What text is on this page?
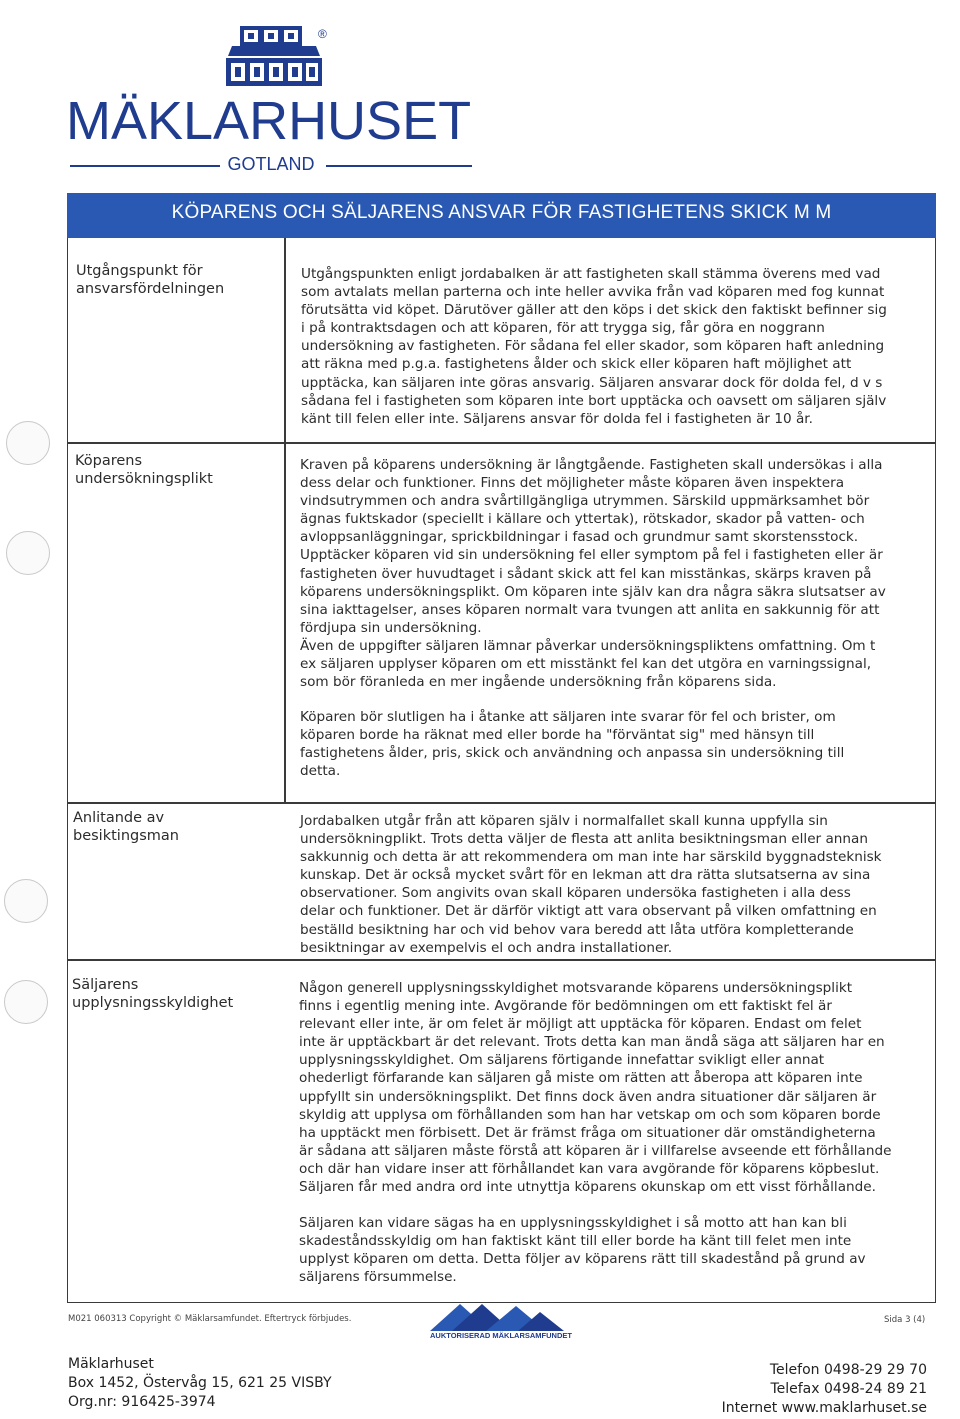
®
MÄKLARHUSET
GOTLAND
KÖPARENS OCH SÄLJARENS ANSVAR FÖR FASTIGHETENS SKICK M M
Utgångspunkt för
ansvarsfördelningen
Utgångspunkten enligt jordabalken är att fastigheten skall stämma överens med vad
som avtalats mellan parterna och inte heller avvika från vad köparen med fog kunnat
förutsätta vid köpet. Därutöver gäller att den köps i det skick den faktiskt befinner sig
i på kontraktsdagen och att köparen, för att trygga sig, får göra en noggrann
undersökning av fastigheten. För sådana fel eller skador, som köparen haft anledning
att räkna med p.g.a. fastighetens ålder och skick eller köparen haft möjlighet att
upptäcka, kan säljaren inte göras ansvarig. Säljaren ansvarar dock för dolda fel, d v s
sådana fel i fastigheten som köparen inte bort upptäcka och oavsett om säljaren själv
känt till felen eller inte. Säljarens ansvar för dolda fel i fastigheten är 10 år.
Köparens
undersökningsplikt
Kraven på köparens undersökning är långtgående. Fastigheten skall undersökas i alla
dess delar och funktioner. Finns det möjligheter måste köparen även inspektera
vindsutrymmen och andra svårtillgängliga utrymmen. Särskild uppmärksamhet bör
ägnas fuktskador (speciellt i källare och yttertak), rötskador, skador på vatten- och
avloppsanläggningar, sprickbildningar i fasad och grundmur samt skorstensstock.
Upptäcker köparen vid sin undersökning fel eller symptom på fel i fastigheten eller är
fastigheten över huvudtaget i sådant skick att fel kan misstänkas, skärps kraven på
köparens undersökningsplikt. Om köparen inte själv kan dra några säkra slutsatser av
sina iakttagelser, anses köparen normalt vara tvungen att anlita en sakkunnig för att
fördjupa sin undersökning.
Även de uppgifter säljaren lämnar påverkar undersökningspliktens omfattning. Om t
ex säljaren upplyser köparen om ett misstänkt fel kan det utgöra en varningssignal,
som bör föranleda en mer ingående undersökning från köparens sida.
Köparen bör slutligen ha i åtanke att säljaren inte svarar för fel och brister, om
köparen borde ha räknat med eller borde ha "förväntat sig" med hänsyn till
fastighetens ålder, pris, skick och användning och anpassa sin undersökning till
detta.
Anlitande av
besiktingsman
Jordabalken utgår från att köparen själv i normalfallet skall kunna uppfylla sin
undersökningplikt. Trots detta väljer de flesta att anlita besiktningsman eller annan
sakkunnig och detta är att rekommendera om man inte har särskild byggnadsteknisk
kunskap. Det är också mycket svårt för en lekman att dra rätta slutsatserna av sina
observationer. Som angivits ovan skall köparen undersöka fastigheten i alla dess
delar och funktioner. Det är därför viktigt att vara observant på vilken omfattning en
beställd besiktning har och vid behov vara beredd att låta utföra kompletterande
besiktningar av exempelvis el och andra installationer.
Säljarens
upplysningsskyldighet
Någon generell upplysningsskyldighet motsvarande köparens undersökningsplikt
finns i egentlig mening inte. Avgörande för bedömningen om ett faktiskt fel är
relevant eller inte, är om felet är möjligt att upptäcka för köparen. Endast om felet
inte är upptäckbart är det relevant. Trots detta kan man ändå säga att säljaren har en
upplysningsskyldighet. Om säljarens förtigande innefattar svikligt eller annat
ohederligt förfarande kan säljaren gå miste om rätten att åberopa att köparen inte
uppfyllt sin undersökningsplikt. Det finns dock även andra situationer där säljaren är
skyldig att upplysa om förhållanden som han har vetskap om och som köparen borde
ha upptäckt men förbisett. Det är främst fråga om situationer där omständigheterna
är sådana att säljaren måste förstå att köparen är i villfarelse avseende ett förhållande
och där han vidare inser att förhållandet kan vara avgörande för köparens köpbeslut.
Säljaren får med andra ord inte utnyttja köparens okunskap om ett visst förhållande.
Säljaren kan vidare sägas ha en upplysningsskyldighet i så motto att han kan bli
skadeståndsskyldig om han faktiskt känt till eller borde ha känt till felet men inte
upplyst köparen om detta. Detta följer av köparens rätt till skadestånd på grund av
säljarens försummelse.
M021 060313 Copyright © Mäklarsamfundet. Eftertryck förbjudes.
AUKTORISERAD MÄKLARSAMFUNDET
Sida 3 (4)
Mäklarhuset
Box 1452, Östervåg 15, 621 25 VISBY
Org.nr: 916425-3974
Telefon 0498-29 29 70
Telefax 0498-24 89 21
Internet www.maklarhuset.se
